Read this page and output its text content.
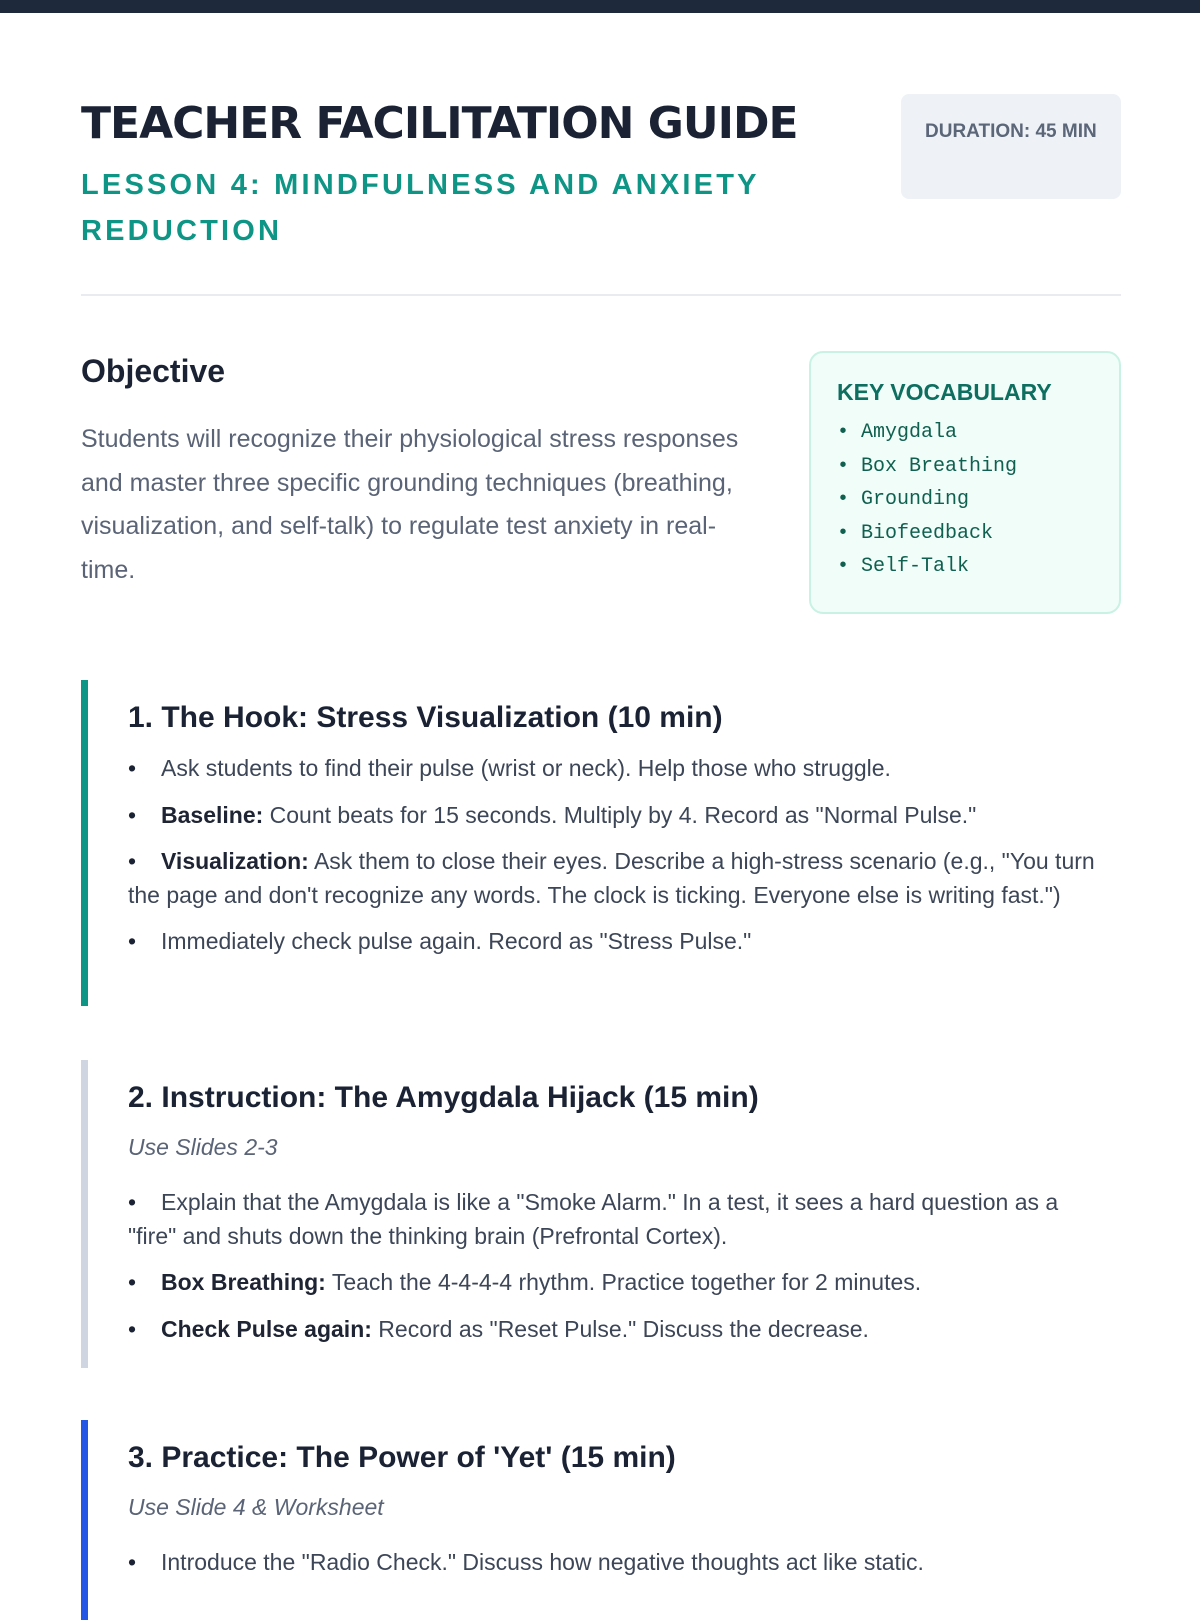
TEACHER FACILITATION GUIDE
LESSON 4: MINDFULNESS AND ANXIETY REDUCTION
DURATION: 45 MIN
Objective

Students will recognize their physiological stress responses and master three specific grounding techniques (breathing, visualization, and self-talk) to regulate test anxiety in real-time.

KEY VOCABULARY
• Amygdala
• Box Breathing
• Grounding
• Biofeedback
• Self-Talk
1. The Hook: Stress Visualization (10 min)
• Ask students to find their pulse (wrist or neck). Help those who struggle.
• Baseline: Count beats for 15 seconds. Multiply by 4. Record as "Normal Pulse."
• Visualization: Ask them to close their eyes. Describe a high-stress scenario (e.g., "You turn the page and don't recognize any words. The clock is ticking. Everyone else is writing fast.")
• Immediately check pulse again. Record as "Stress Pulse."
2. Instruction: The Amygdala Hijack (15 min)

Use Slides 2-3

• Explain that the Amygdala is like a "Smoke Alarm." In a test, it sees a hard question as a "fire" and shuts down the thinking brain (Prefrontal Cortex).
• Box Breathing: Teach the 4-4-4-4 rhythm. Practice together for 2 minutes.
• Check Pulse again: Record as "Reset Pulse." Discuss the decrease.
3. Practice: The Power of 'Yet' (15 min)

Use Slide 4 & Worksheet

• Introduce the "Radio Check." Discuss how negative thoughts act like static.
